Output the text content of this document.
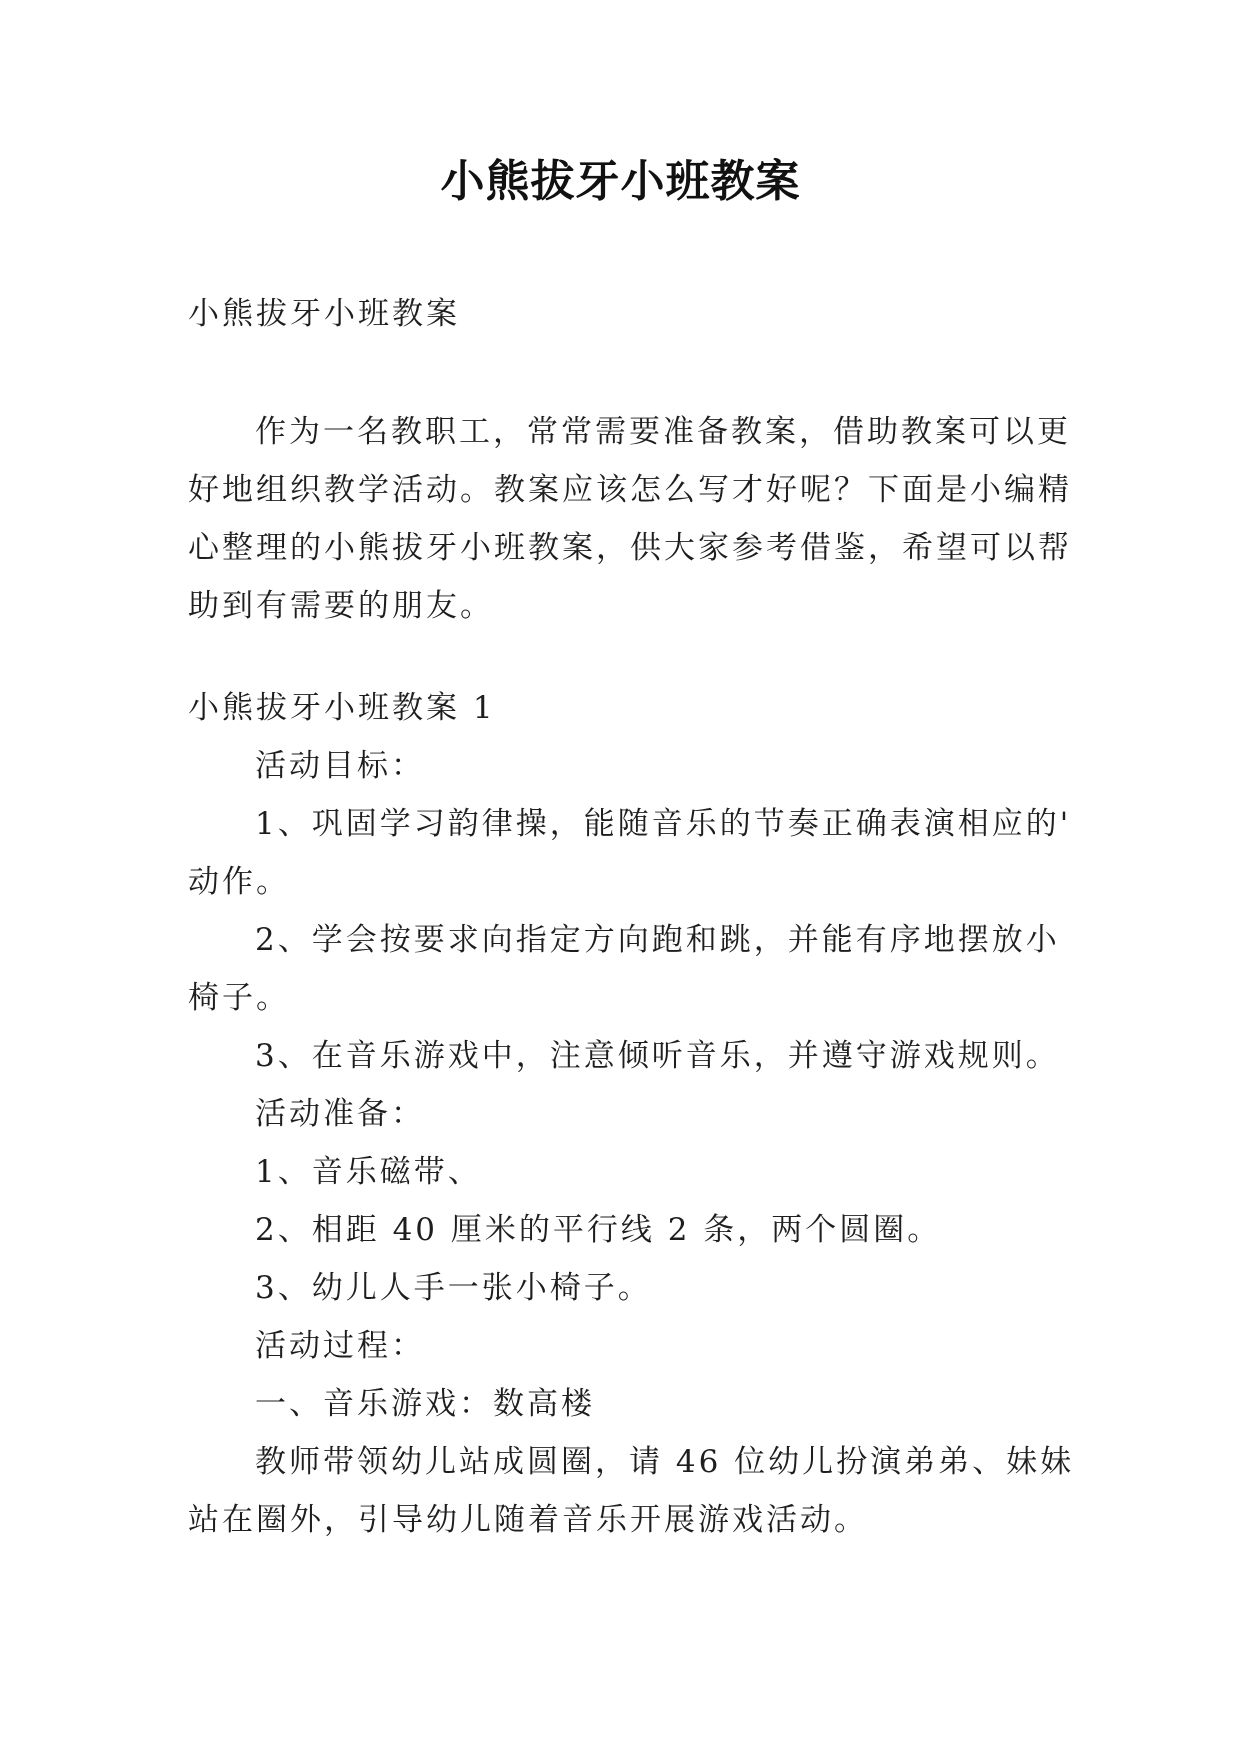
小熊拔牙小班教案
小熊拔牙小班教案
作为一名教职工，常常需要准备教案，借助教案可以更
好地组织教学活动。教案应该怎么写才好呢？下面是小编精
心整理的小熊拔牙小班教案，供大家参考借鉴，希望可以帮
助到有需要的朋友。
小熊拔牙小班教案 1
活动目标：
1、巩固学习韵律操，能随音乐的节奏正确表演相应的'
动作。
2、学会按要求向指定方向跑和跳，并能有序地摆放小
椅子。
3、在音乐游戏中，注意倾听音乐，并遵守游戏规则。
活动准备：
1、音乐磁带、
2、相距 40 厘米的平行线 2 条，两个圆圈。
3、幼儿人手一张小椅子。
活动过程：
一、音乐游戏：数高楼
教师带领幼儿站成圆圈，请 46 位幼儿扮演弟弟、妹妹
站在圈外，引导幼儿随着音乐开展游戏活动。
